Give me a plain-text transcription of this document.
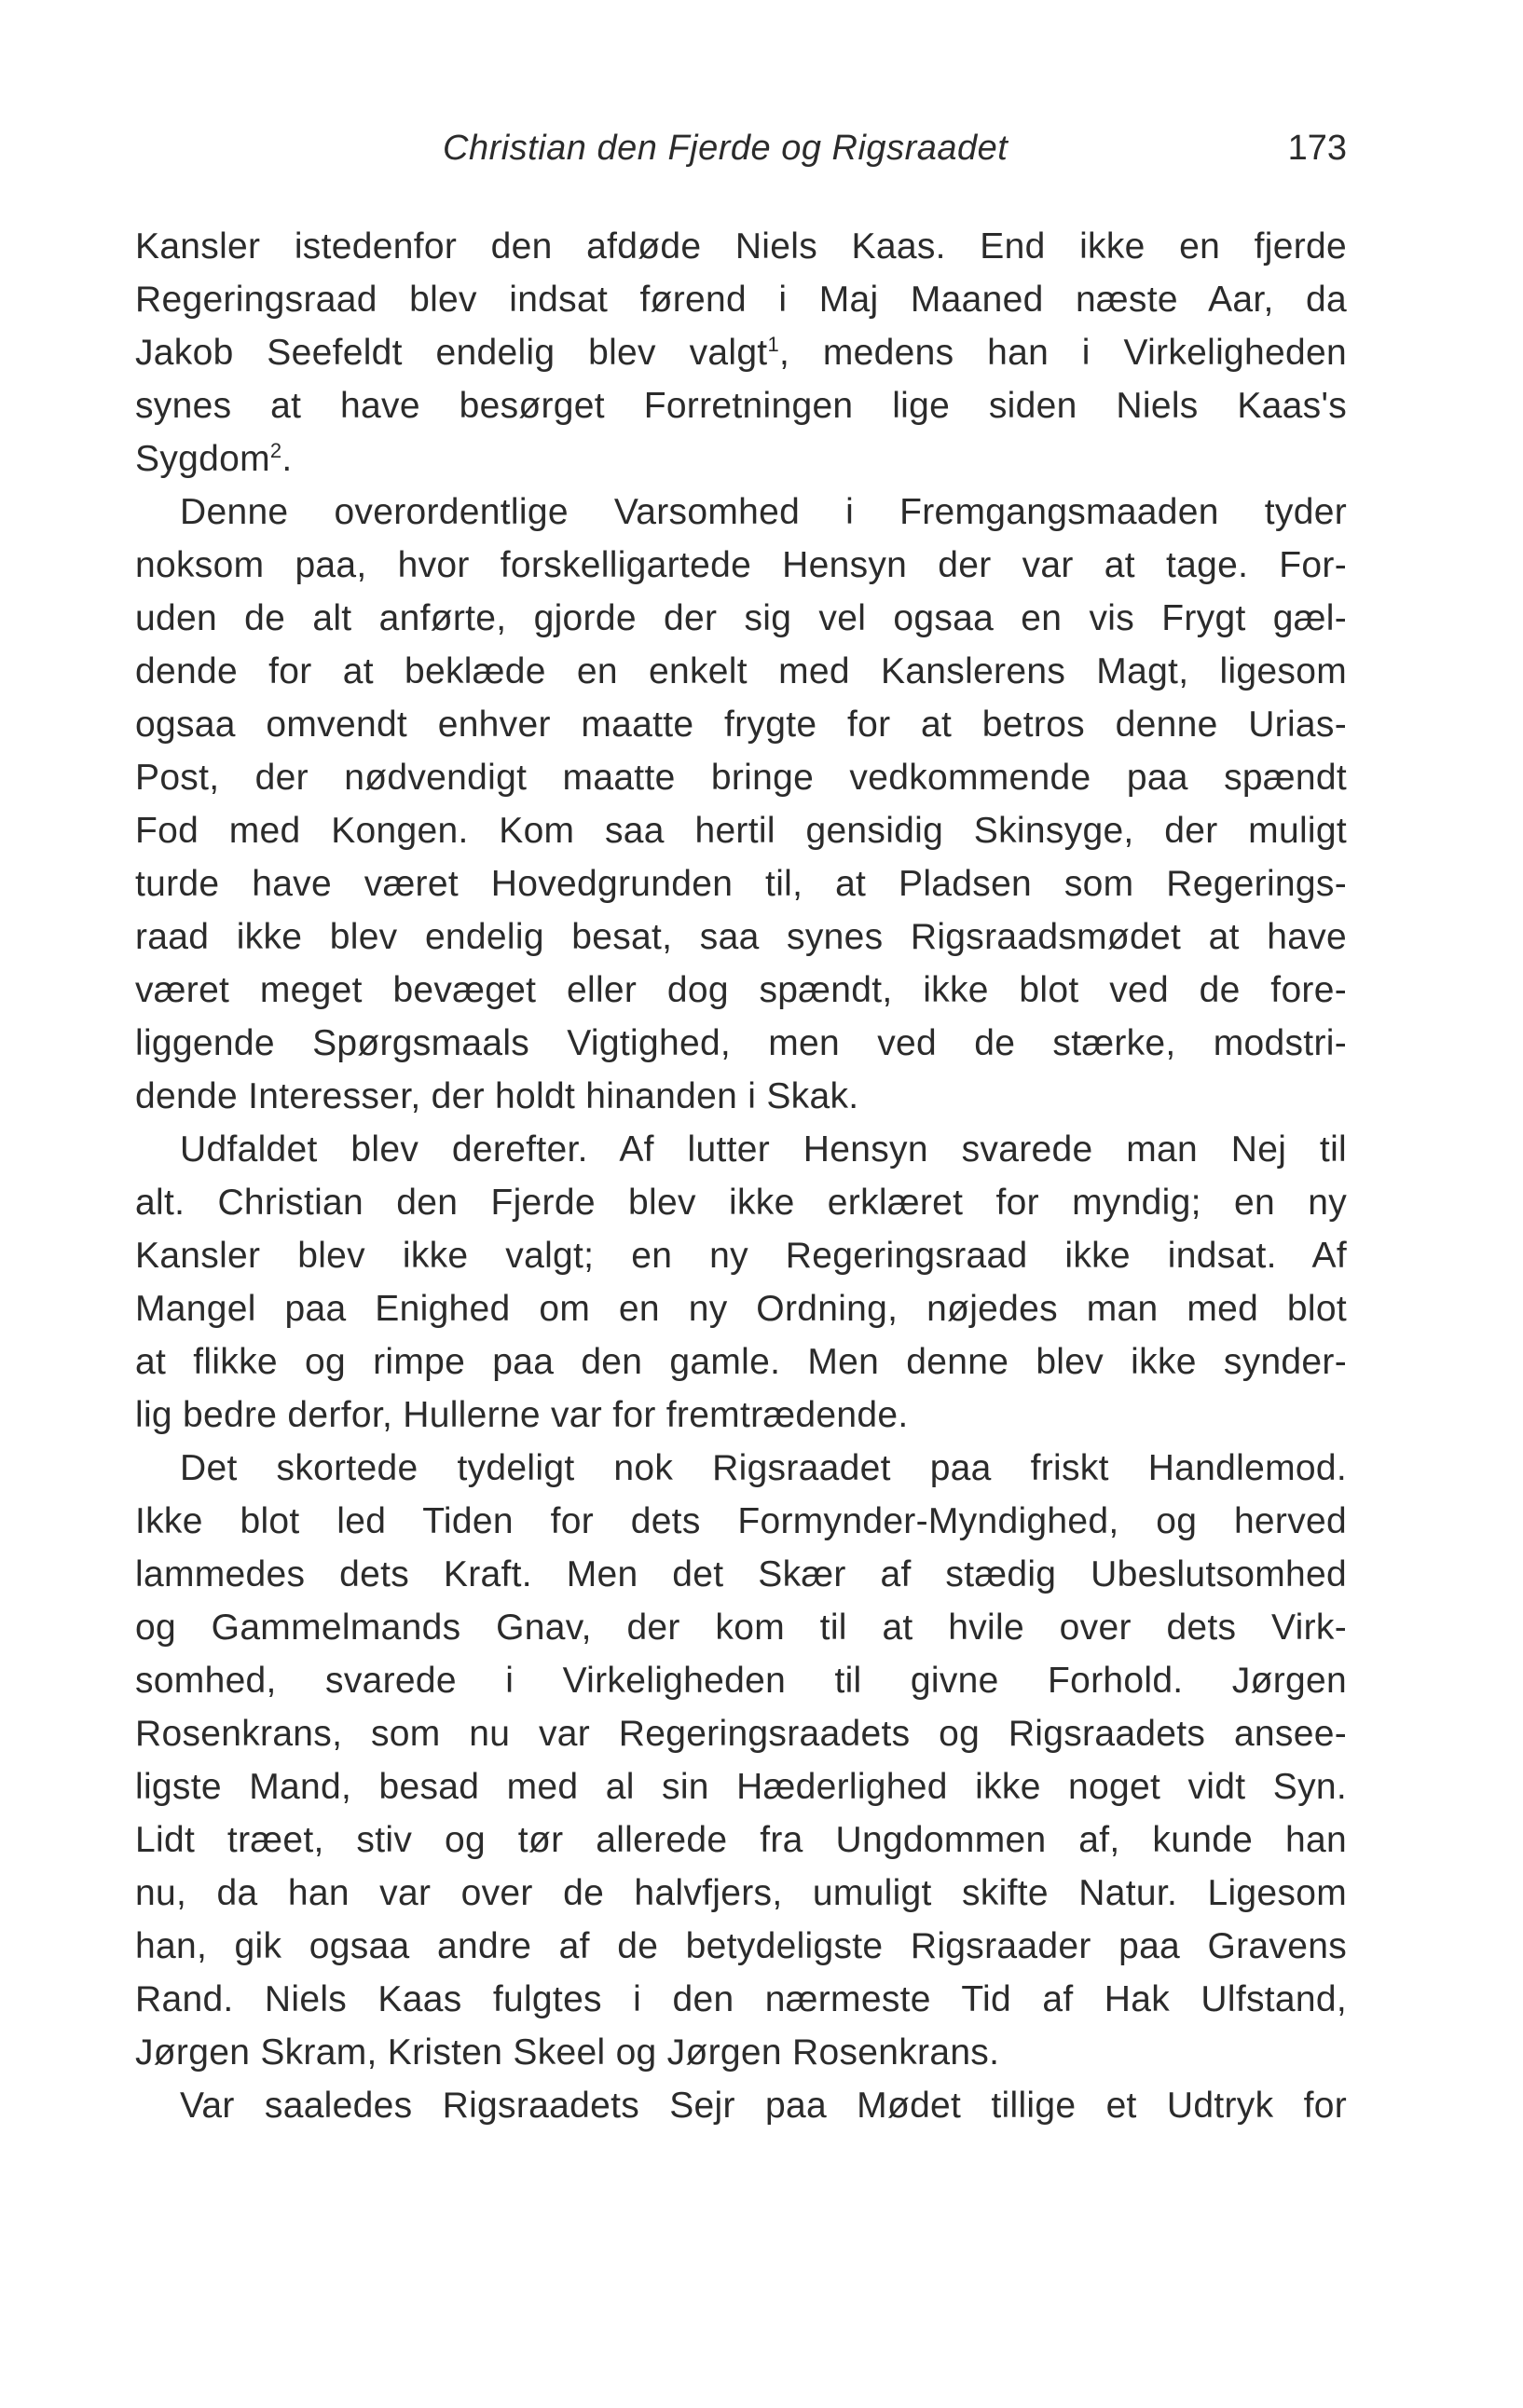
Christian den Fjerde og Rigsraadet	173
Kansler istedenfor den afdøde Niels Kaas. End ikke en fjerde
Regeringsraad blev indsat førend i Maj Maaned næste Aar, da
Jakob Seefeldt endelig blev valgt$^1$, medens han i Virkeligheden
synes at have besørget Forretningen lige siden Niels Kaas's
Sygdom$^2$.
Denne overordentlige Varsomhed i Fremgangsmaaden tyder
noksom paa, hvor forskelligartede Hensyn der var at tage. For-
uden de alt anførte, gjorde der sig vel ogsaa en vis Frygt gæl-
dende for at beklæde en enkelt med Kanslerens Magt, ligesom
ogsaa omvendt enhver maatte frygte for at betros denne Urias-
Post, der nødvendigt maatte bringe vedkommende paa spændt
Fod med Kongen. Kom saa hertil gensidig Skinsyge, der muligt
turde have været Hovedgrunden til, at Pladsen som Regerings-
raad ikke blev endelig besat, saa synes Rigsraadsmødet at have
været meget bevæget eller dog spændt, ikke blot ved de fore-
liggende Spørgsmaals Vigtighed, men ved de stærke, modstri-
dende Interesser, der holdt hinanden i Skak.
Udfaldet blev derefter. Af lutter Hensyn svarede man Nej til
alt. Christian den Fjerde blev ikke erklæret for myndig; en ny
Kansler blev ikke valgt; en ny Regeringsraad ikke indsat. Af
Mangel paa Enighed om en ny Ordning, nøjedes man med blot
at flikke og rimpe paa den gamle. Men denne blev ikke synder-
lig bedre derfor, Hullerne var for fremtrædende.
Det skortede tydeligt nok Rigsraadet paa friskt Handlemod.
Ikke blot led Tiden for dets Formynder-Myndighed, og herved
lammedes dets Kraft. Men det Skær af stædig Ubeslutsomhed
og Gammelmands Gnav, der kom til at hvile over dets Virk-
somhed, svarede i Virkeligheden til givne Forhold. Jørgen
Rosenkrans, som nu var Regeringsraadets og Rigsraadets ansee-
ligste Mand, besad med al sin Hæderlighed ikke noget vidt Syn.
Lidt træet, stiv og tør allerede fra Ungdommen af, kunde han
nu, da han var over de halvfjers, umuligt skifte Natur. Ligesom
han, gik ogsaa andre af de betydeligste Rigsraader paa Gravens
Rand. Niels Kaas fulgtes i den nærmeste Tid af Hak Ulfstand,
Jørgen Skram, Kristen Skeel og Jørgen Rosenkrans.
Var saaledes Rigsraadets Sejr paa Mødet tillige et Udtryk for
